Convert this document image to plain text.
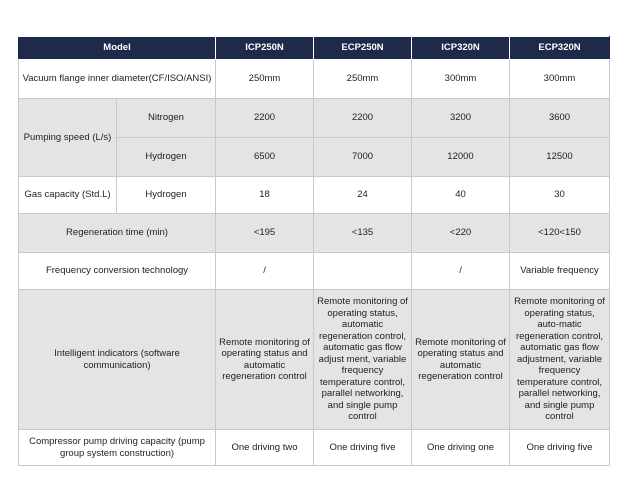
Model		ICP250N	ECP250N	ICP320N	ECP320N
Vacuum flange inner diameter(CF/ISO/ANSI)		250mm	250mm	300mm	300mm
Pumping speed (L/s)	Nitrogen	2200	2200	3200	3600
	Hydrogen	6500	7000	12000	12500
Gas capacity (Std.L)	Hydrogen	18	24	40	30
Regeneration time (min)		<195	<135	<220	<120<150
Frequency conversion technology		/		/	Variable frequency
Intelligent indicators (software communication)		Remote monitoring of operating status and automatic regeneration control	Remote monitoring of operating status, automatic regeneration control, automatic gas flow adjust ment, variable frequency temperature control, parallel networking, and single pump control	Remote monitoring of operating status and automatic regeneration control	Remote monitoring of operating status, auto-matic regeneration control, automatic gas flow adjustment, variable frequency temperature control, parallel networking, and single pump control
Compressor pump driving capacity (pump group system construction)		One driving two	One driving five	One driving one	One driving five
